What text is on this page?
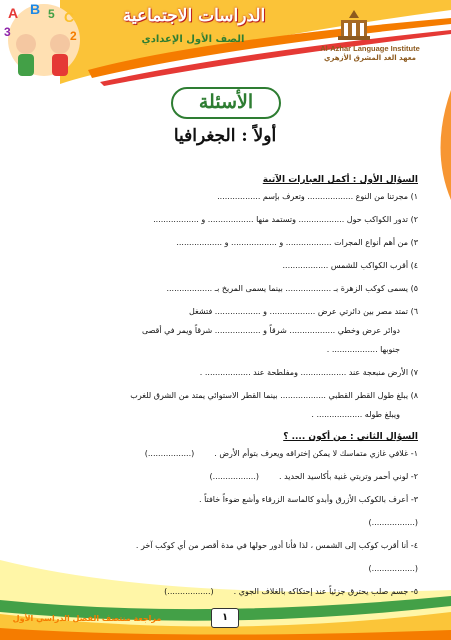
A B C
3
5
2
الدراسات الاجتماعية
الصف الأول الإعدادي
Al-Azhar Language Institute
معهد الغد المشرق الأزهري
الأسئلة
أولاً : الجغرافيا
السؤال الأول : أكمل العبارات الآتية
١) مجرتنا من النوع .................. وتعرف بإسم .................
٢) تدور الكواكب حول .................. وتستمد منها .................. و ..................
٣) من أهم أنواع المجرات .................. و .................. و ..................
٤) أقرب الكواكب للشمس ..................
٥) يسمى كوكب الزهرة بـ .................. بينما يسمى المريخ بـ ..................
٦) تمتد مصر بين دائرتي عرض .................. و .................. فتشغل
دوائر عرض وخطي .................. شرقاً و .................. شرقاً ويمر في أقصى
جنوبها .................. .
٧) الأرض منبعجة عند .................. ومفلطحة عند .................. .
٨) يبلغ طول القطر القطبي .................. بينما القطر الاستوائي يمتد من الشرق للغرب
ويبلغ طوله .................. .
السؤال الثاني : من أكون .... ؟
١- غلافي غازي متماسك لا يمكن إختراقه ويعرف بتوأم الأرض .(.................)
٢- لوني أحمر وتربتي غنية بأكاسيد الحديد .(.................)
٣- أعرف بالكوكب الأزرق وأبدو كالماسة الزرقاء وأشع ضوءاً خافتاً .
(.................)
٤- أنا أقرب كوكب إلى الشمس ، لذا فأنا أدور حولها في مدة أقصر من أي كوكب آخر .
(.................)
٥- جسم صلب يحترق جزئياً عند إحتكاكه بالغلاف الجوي .(.................)
مراجعة منتصف الفصل الدراسي الأول	١
